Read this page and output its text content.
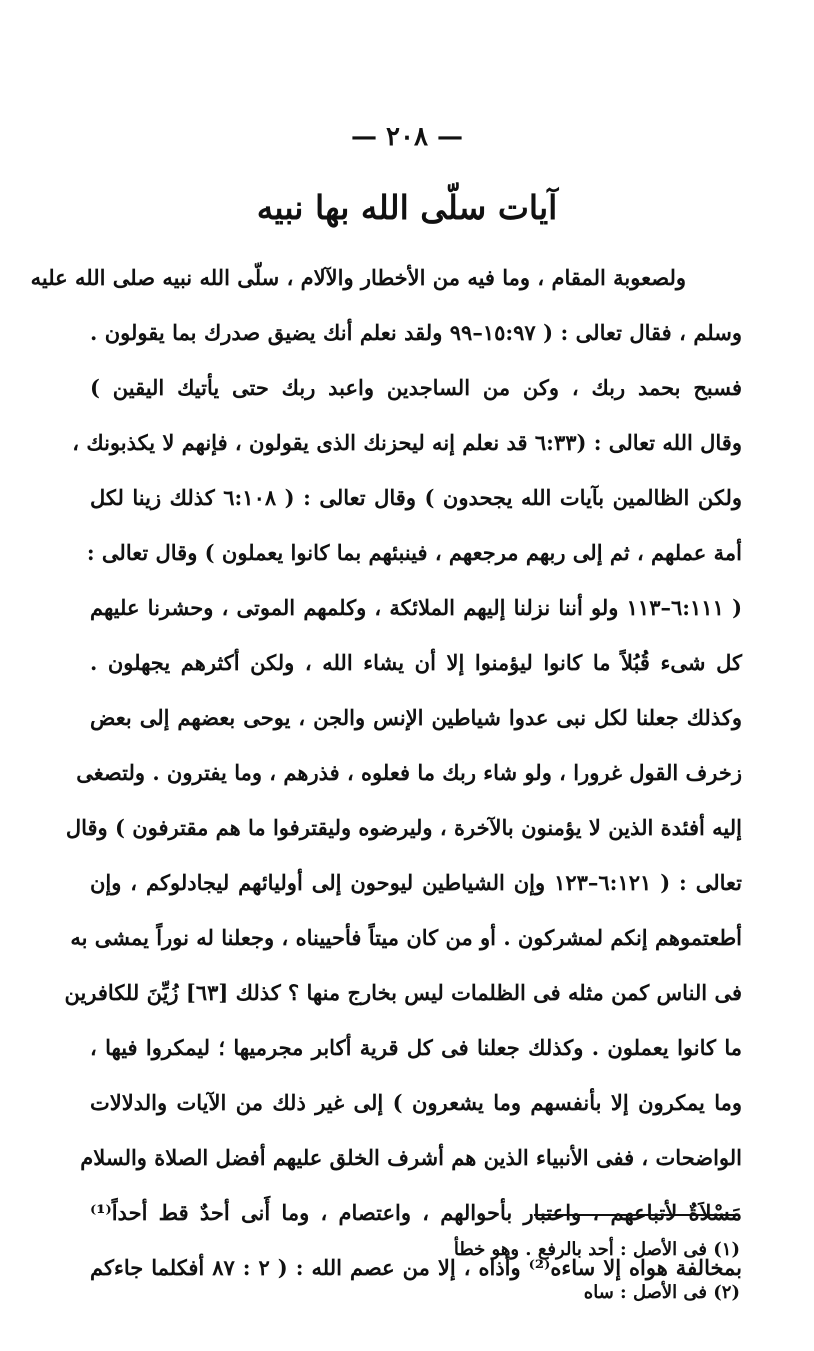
— ٢٠٨ —
آيات سلّى الله بها نبيه
ولصعوبة المقام ، وما فيه من الأخطار والآلام ، سلّى الله نبيه صلى الله عليه
وسلم ، فقال تعالى : ( ١٥:٩٧–٩٩ ولقد نعلم أنك يضيق صدرك بما يقولون .
فسبح بحمد ربك ، وكن من الساجدين واعبد ربك حتى يأتيك اليقين )
وقال الله تعالى : (٦:٣٣ قد نعلم إنه ليحزنك الذى يقولون ، فإنهم لا يكذبونك ،
ولكن الظالمين بآيات الله يجحدون ) وقال تعالى : ( ٦:١٠٨ كذلك زينا لكل
أمة عملهم ، ثم إلى ربهم مرجعهم ، فينبئهم بما كانوا يعملون ) وقال تعالى :
( ٦:١١١–١١٣ ولو أننا نزلنا إليهم الملائكة ، وكلمهم الموتى ، وحشرنا عليهم
كل شىء قُبُلاً ما كانوا ليؤمنوا إلا أن يشاء الله ، ولكن أكثرهم يجهلون .
وكذلك جعلنا لكل نبى عدوا شياطين الإنس والجن ، يوحى بعضهم إلى بعض
زخرف القول غرورا ، ولو شاء ربك ما فعلوه ، فذرهم ، وما يفترون . ولتصغى
إليه أفئدة الذين لا يؤمنون بالآخرة ، وليرضوه وليقترفوا ما هم مقترفون ) وقال
تعالى : ( ٦:١٢١–١٢٣ وإن الشياطين ليوحون إلى أوليائهم ليجادلوكم ، وإن
أطعتموهم إنكم لمشركون . أو من كان ميتاً فأحييناه ، وجعلنا له نوراً يمشى به
فى الناس كمن مثله فى الظلمات ليس بخارج منها ؟ كذلك [٦٣] زُيِّنَ للكافرين
ما كانوا يعملون . وكذلك جعلنا فى كل قرية أكابر مجرميها ؛ ليمكروا فيها ،
وما يمكرون إلا بأنفسهم وما يشعرون ) إلى غير ذلك من الآيات والدلالات
الواضحات ، ففى الأنبياء الذين هم أشرف الخلق عليهم أفضل الصلاة والسلام
مَسْلاَةٌ لأتباعهم ، واعتبار بأحوالهم ، واعتصام ، وما أَنى أحدٌ قط أحداً⁽¹⁾
بمخالفة هواه إلا ساءه⁽²⁾ وأذاه ، إلا من عصم الله : ( ٢ : ٨٧ أفكلما جاءكم
(١) فى الأصل : أحد بالرفع . وهو خطأ
(٢) فى الأصل : ساه
